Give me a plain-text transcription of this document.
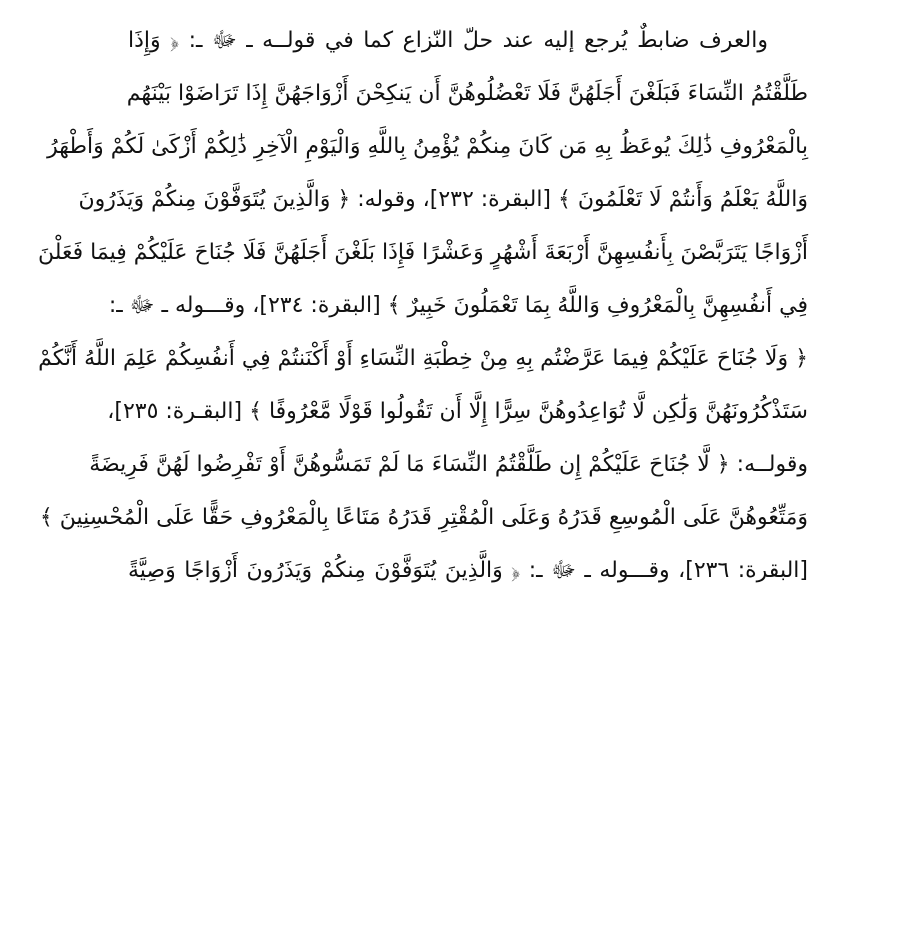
والعرف ضابطٌ يُرجع إليه عند حلّ النّزاع كما في قولــه ـ ﷻ ـ: ﴿ وَإِذَا
طَلَّقْتُمُ النِّسَاءَ فَبَلَغْنَ أَجَلَهُنَّ فَلَا تَعْضُلُوهُنَّ أَن يَنكِحْنَ أَزْوَاجَهُنَّ إِذَا تَرَاضَوْا بَيْنَهُم
بِالْمَعْرُوفِ ذَٰلِكَ يُوعَظُ بِهِ مَن كَانَ مِنكُمْ يُؤْمِنُ بِاللَّهِ وَالْيَوْمِ الْآخِرِ ذَٰلِكُمْ أَزْكَىٰ لَكُمْ وَأَطْهَرُ
وَاللَّهُ يَعْلَمُ وَأَنتُمْ لَا تَعْلَمُونَ ﴾ [البقرة: ٢٣٢]، وقوله: ﴿ وَالَّذِينَ يُتَوَفَّوْنَ مِنكُمْ وَيَذَرُونَ
أَزْوَاجًا يَتَرَبَّصْنَ بِأَنفُسِهِنَّ أَرْبَعَةَ أَشْهُرٍ وَعَشْرًا فَإِذَا بَلَغْنَ أَجَلَهُنَّ فَلَا جُنَاحَ عَلَيْكُمْ فِيمَا فَعَلْنَ
فِي أَنفُسِهِنَّ بِالْمَعْرُوفِ وَاللَّهُ بِمَا تَعْمَلُونَ خَبِيرٌ ﴾ [البقرة: ٢٣٤]، وقـــوله ـ ﷻ ـ:
﴿ وَلَا جُنَاحَ عَلَيْكُمْ فِيمَا عَرَّضْتُم بِهِ مِنْ خِطْبَةِ النِّسَاءِ أَوْ أَكْنَنتُمْ فِي أَنفُسِكُمْ عَلِمَ اللَّهُ أَنَّكُمْ
سَتَذْكُرُونَهُنَّ وَلَٰكِن لَّا تُوَاعِدُوهُنَّ سِرًّا إِلَّا أَن تَقُولُوا قَوْلًا مَّعْرُوفًا ﴾ [البقـرة: ٢٣٥]،
وقولــه: ﴿ لَّا جُنَاحَ عَلَيْكُمْ إِن طَلَّقْتُمُ النِّسَاءَ مَا لَمْ تَمَسُّوهُنَّ أَوْ تَفْرِضُوا لَهُنَّ فَرِيضَةً
وَمَتِّعُوهُنَّ عَلَى الْمُوسِعِ قَدَرُهُ وَعَلَى الْمُقْتِرِ قَدَرُهُ مَتَاعًا بِالْمَعْرُوفِ حَقًّا عَلَى الْمُحْسِنِينَ ﴾
[البقرة: ٢٣٦]، وقـــوله ـ ﷻ ـ: ﴿ وَالَّذِينَ يُتَوَفَّوْنَ مِنكُمْ وَيَذَرُونَ أَزْوَاجًا وَصِيَّةً
